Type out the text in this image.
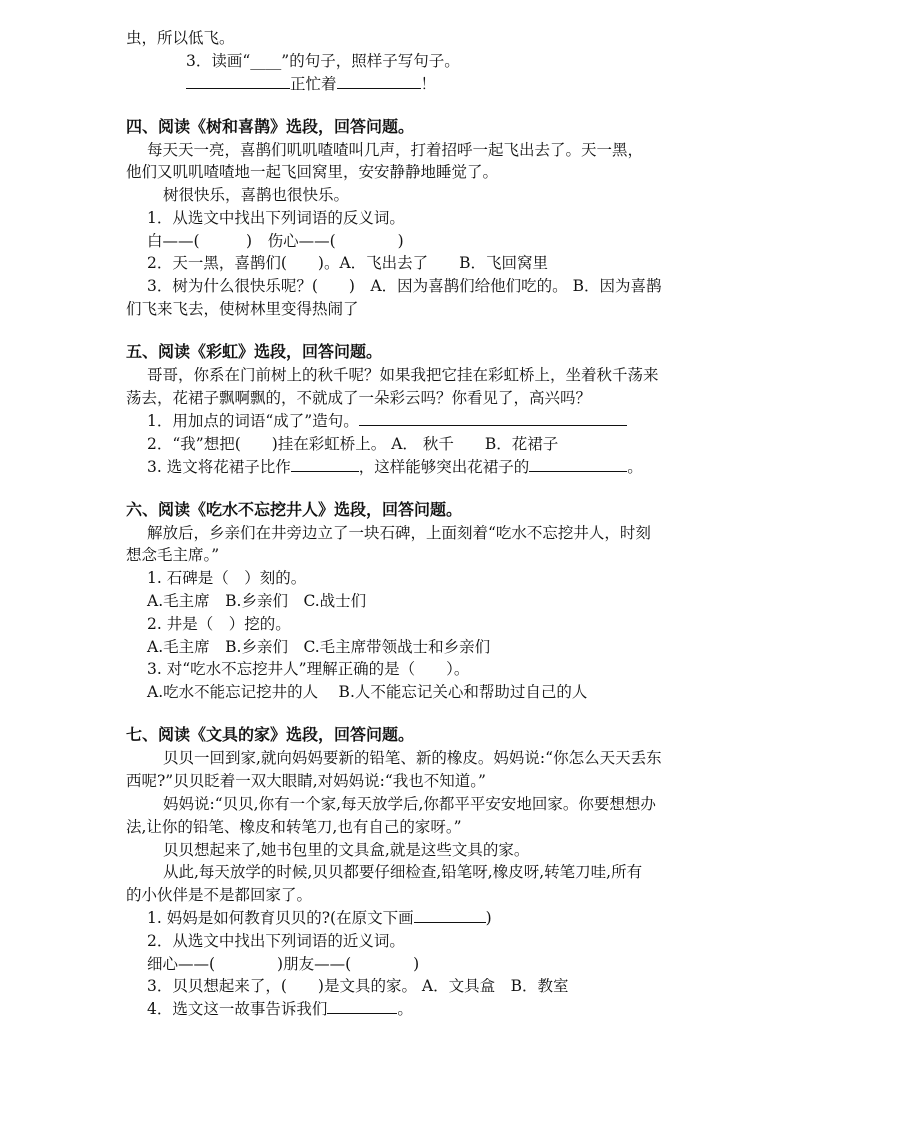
虫，所以低飞。
3．读画“____”的句子，照样子写句子。
正忙着	！
四、阅读《树和喜鹊》选段，回答问题。
每天天一亮，喜鹊们叽叽喳喳叫几声，打着招呼一起飞出去了。天一黑，
他们又叽叽喳喳地一起飞回窝里，安安静静地睡觉了。
树很快乐，喜鹊也很快乐。
1．从选文中找出下列词语的反义词。
白——(　　　)　伤心——(　　　　)
2．天一黑，喜鹊们(　　)。A．飞出去了　　B．飞回窝里
3．树为什么很快乐呢？(　　)　A．因为喜鹊们给他们吃的。 B．因为喜鹊
们飞来飞去，使树林里变得热闹了
五、阅读《彩虹》选段，回答问题。
哥哥，你系在门前树上的秋千呢？如果我把它挂在彩虹桥上，坐着秋千荡来
荡去，花裙子飘啊飘的，不就成了一朵彩云吗？你看见了，高兴吗？
1．用加点的词语“成了”造句。
2．“我”想把(　　)挂在彩虹桥上。 A． 秋千　　B．花裙子
3. 选文将花裙子比作	，这样能够突出花裙子的	。
六、阅读《吃水不忘挖井人》选段，回答问题。
解放后，乡亲们在井旁边立了一块石碑，上面刻着“吃水不忘挖井人，时刻
想念毛主席。”
1. 石碑是（　）刻的。
A.毛主席　B.乡亲们　C.战士们
2. 井是（　）挖的。
A.毛主席　B.乡亲们　C.毛主席带领战士和乡亲们
3. 对“吃水不忘挖井人”理解正确的是（　　）。
A.吃水不能忘记挖井的人　 B.人不能忘记关心和帮助过自己的人
七、阅读《文具的家》选段，回答问题。
贝贝一回到家,就向妈妈要新的铅笔、新的橡皮。妈妈说:“你怎么天天丢东
西呢?”贝贝眨着一双大眼睛,对妈妈说:“我也不知道。”
妈妈说:“贝贝,你有一个家,每天放学后,你都平平安安地回家。你要想想办
法,让你的铅笔、橡皮和转笔刀,也有自己的家呀。”
贝贝想起来了,她书包里的文具盒,就是这些文具的家。
从此,每天放学的时候,贝贝都要仔细检查,铅笔呀,橡皮呀,转笔刀哇,所有
的小伙伴是不是都回家了。
1. 妈妈是如何教育贝贝的?(在原文下画	)
2．从选文中找出下列词语的近义词。
细心——(　　　　)朋友——(　　　　)
3．贝贝想起来了，(　　)是文具的家。 A．文具盒　B．教室
4．选文这一故事告诉我们	。
